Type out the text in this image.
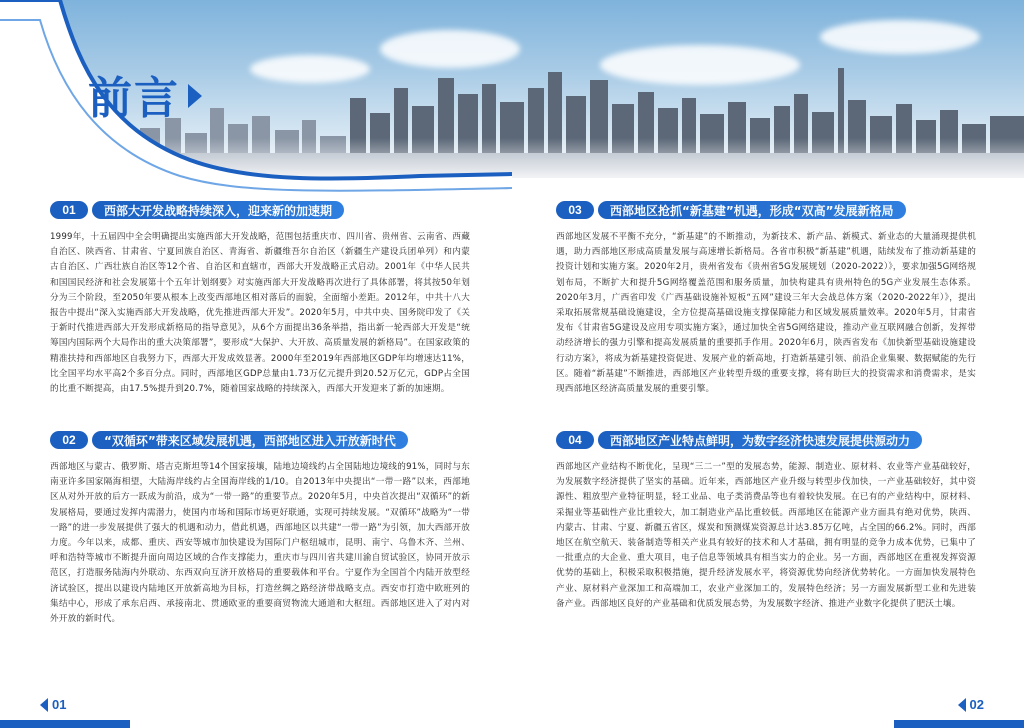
前言
01	西部大开发战略持续深入，迎来新的加速期
1999年，十五届四中全会明确提出实施西部大开发战略，范围包括重庆市、四川省、贵州省、云南省、西藏自治区、陕西省、甘肃省、宁夏回族自治区、青海省、新疆维吾尔自治区（新疆生产建设兵团单列）和内蒙古自治区、广西壮族自治区等12个省、自治区和直辖市，西部大开发战略正式启动。2001年《中华人民共和国国民经济和社会发展第十个五年计划纲要》对实施西部大开发战略再次进行了具体部署，将其按50年划分为三个阶段，至2050年要从根本上改变西部地区相对落后的面貌，全面缩小差距。2012年，中共十八大报告中提出“深入实施西部大开发战略，优先推进西部大开发”。2020年5月，中共中央、国务院印发了《关于新时代推进西部大开发形成新格局的指导意见》，从6个方面提出36条举措，指出新一轮西部大开发是“统筹国内国际两个大局作出的重大决策部署”，要形成“大保护、大开放、高质量发展的新格局”。在国家政策的精准扶持和西部地区自我努力下，西部大开发成效显著。2000年至2019年西部地区GDP年均增速达11%，比全国平均水平高2个多百分点。同时，西部地区GDP总量由1.73万亿元提升到20.52万亿元，GDP占全国的比重不断提高，由17.5%提升到20.7%，随着国家战略的持续深入，西部大开发迎来了新的加速期。
02	“双循环”带来区域发展机遇，西部地区进入开放新时代
西部地区与蒙古、俄罗斯、塔吉克斯坦等14个国家接壤，陆地边境线约占全国陆地边境线的91%，同时与东南亚许多国家隔海相望，大陆海岸线约占全国海岸线的1/10。自2013年中央提出“一带一路”以来，西部地区从对外开放的后方一跃成为前沿，成为“一带一路”的重要节点。2020年5月，中央首次提出“双循环”的新发展格局，要通过发挥内需潜力，使国内市场和国际市场更好联通，实现可持续发展。“双循环”战略为“一带一路”的进一步发展提供了强大的机遇和动力，借此机遇，西部地区以共建“一带一路”为引领，加大西部开放力度。今年以来，成都、重庆、西安等城市加快建设为国际门户枢纽城市，昆明、南宁、乌鲁木齐、兰州、呼和浩特等城市不断提升面向周边区域的合作支撑能力，重庆市与四川省共建川渝自贸试验区，协同开放示范区，打造服务陆海内外联动、东西双向互济开放格局的重要载体和平台。宁夏作为全国首个内陆开放型经济试验区，提出以建设内陆地区开放新高地为目标，打造丝绸之路经济带战略支点。西安市打造中欧班列的集结中心，形成了承东启西、承接南北、贯通欧亚的重要商贸物流大通道和大枢纽。西部地区进入了对内对外开放的新时代。
01
03	西部地区抢抓“新基建”机遇，形成“双高”发展新格局
西部地区发展不平衡不充分，“新基建”的不断推动，为新技术、新产品、新模式、新业态的大量涌现提供机遇，助力西部地区形成高质量发展与高速增长新格局。各省市积极“新基建”机遇，陆续发布了推动新基建的投资计划和实施方案。2020年2月，贵州省发布《贵州省5G发展规划（2020-2022）》，要求加强5G网络规划布局，不断扩大和提升5G网络覆盖范围和服务质量，加快构建具有贵州特色的5G产业发展生态体系。2020年3月，广西省印发《广西基础设施补短板“五网”建设三年大会战总体方案（2020-2022年）》，提出采取拓展常规基础设施建设，全方位提高基础设施支撑保障能力和区域发展质量效率。2020年5月，甘肃省发布《甘肃省5G建设及应用专项实施方案》，通过加快全省5G网络建设，推动产业互联网融合创新，发挥带动经济增长的强力引擎和提高发展质量的重要抓手作用。2020年6月，陕西省发布《加快新型基础设施建设行动方案》，将成为新基建投资促进、发展产业的新高地，打造新基建引领、前沿企业集聚、数据赋能的先行区。随着“新基建”不断推进，西部地区产业转型升级的重要支撑，将有助巨大的投资需求和消费需求，是实现西部地区经济高质量发展的重要引擎。
04	西部地区产业特点鲜明，为数字经济快速发展提供源动力
西部地区产业结构不断优化，呈现“三二一”型的发展态势，能源、制造业、原材料、农业等产业基础较好，为发展数字经济提供了坚实的基础。近年来，西部地区产业升级与转型步伐加快，一产业基础较好，其中资源性、粗放型产业特征明显，轻工业品、电子类消费品等也有着较快发展。在已有的产业结构中，原材料、采掘业等基础性产业比重较大，加工制造业产品比重较低。西部地区在能源产业方面具有绝对优势，陕西、内蒙古、甘肃、宁夏、新疆五省区，煤炭和预测煤炭资源总计达3.85万亿吨，占全国的66.2%。同时，西部地区在航空航天、装备制造等相关产业具有较好的技术和人才基础，拥有明显的竞争力成本优势，已集中了一批重点的大企业、重大项目，电子信息等领域具有相当实力的企业。另一方面，西部地区在重视发挥资源优势的基础上，积极采取积极措施，提升经济发展水平，将资源优势向经济优势转化。一方面加快发展特色产业、原材料产业深加工和高端加工，农业产业深加工的，发展特色经济；另一方面发展新型工业和先进装备产业。西部地区良好的产业基础和优质发展态势，为发展数字经济、推进产业数字化提供了肥沃土壤。
02
